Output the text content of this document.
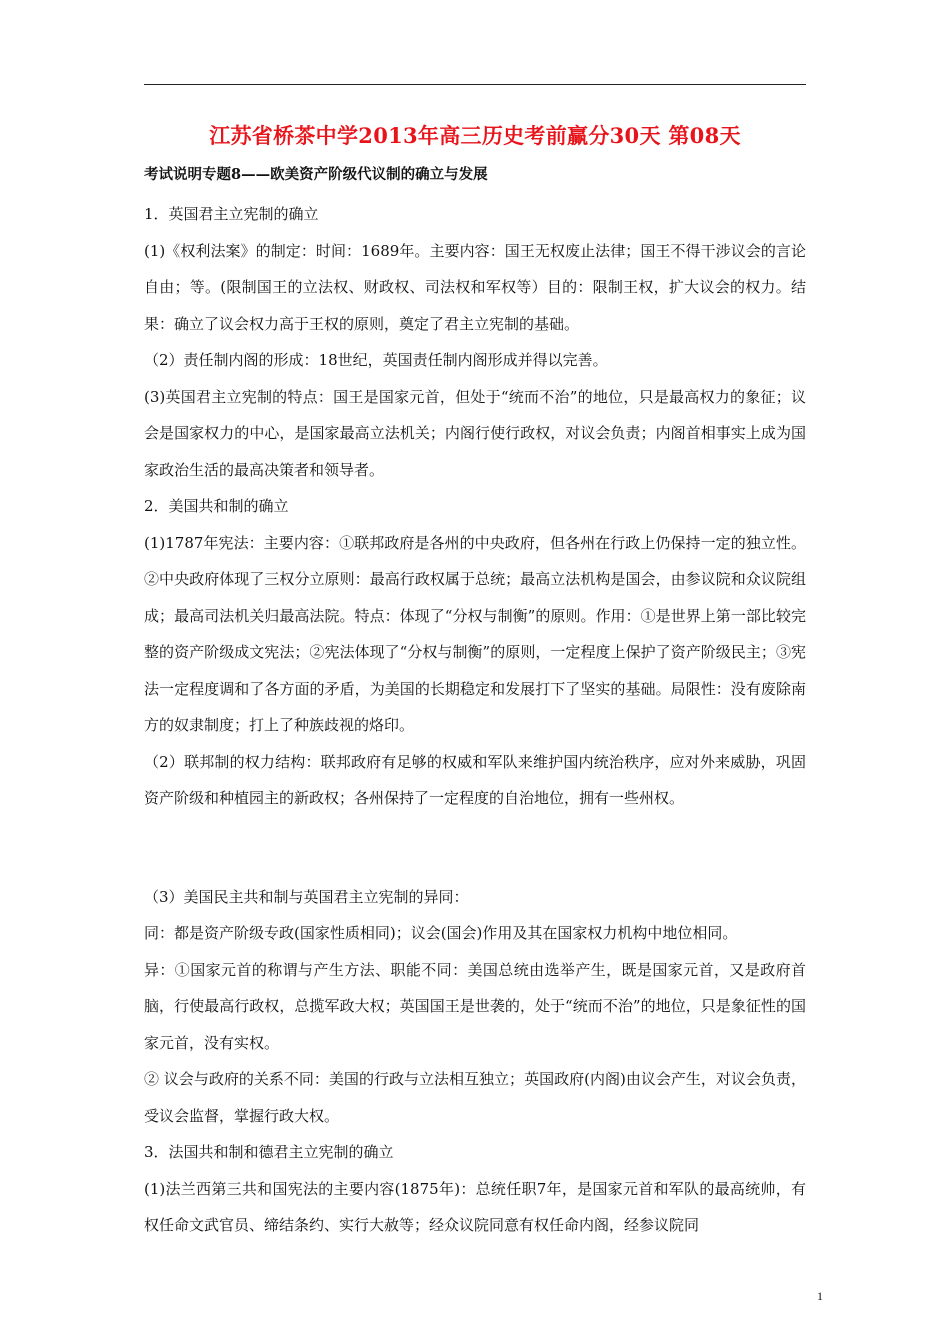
江苏省桥茶中学2013年高三历史考前赢分30天 第08天
考试说明专题8——欧美资产阶级代议制的确立与发展

1．英国君主立宪制的确立

(1)《权利法案》的制定：时间：1689年。主要内容：国王无权废止法律；国王不得干涉议会的言论自由；等。(限制国王的立法权、财政权、司法权和军权等）目的：限制王权，扩大议会的权力。结果：确立了议会权力高于王权的原则，奠定了君主立宪制的基础。

（2）责任制内阁的形成：18世纪，英国责任制内阁形成并得以完善。

(3)英国君主立宪制的特点：国王是国家元首，但处于“统而不治”的地位，只是最高权力的象征；议会是国家权力的中心，是国家最高立法机关；内阁行使行政权，对议会负责；内阁首相事实上成为国家政治生活的最高决策者和领导者。

2．美国共和制的确立

(1)1787年宪法：主要内容：①联邦政府是各州的中央政府，但各州在行政上仍保持一定的独立性。②中央政府体现了三权分立原则：最高行政权属于总统；最高立法机构是国会，由参议院和众议院组成；最高司法机关归最高法院。特点：体现了“分权与制衡”的原则。作用：①是世界上第一部比较完整的资产阶级成文宪法；②宪法体现了“分权与制衡”的原则，一定程度上保护了资产阶级民主；③宪法一定程度调和了各方面的矛盾，为美国的长期稳定和发展打下了坚实的基础。局限性：没有废除南方的奴隶制度；打上了种族歧视的烙印。

（2）联邦制的权力结构：联邦政府有足够的权威和军队来维护国内统治秩序，应对外来威胁，巩固资产阶级和种植园主的新政权；各州保持了一定程度的自治地位，拥有一些州权。

（3）美国民主共和制与英国君主立宪制的异同：

同：都是资产阶级专政(国家性质相同)；议会(国会)作用及其在国家权力机构中地位相同。

异：①国家元首的称谓与产生方法、职能不同：美国总统由选举产生，既是国家元首，又是政府首脑，行使最高行政权，总揽军政大权；英国国王是世袭的，处于“统而不治”的地位，只是象征性的国家元首，没有实权。

② 议会与政府的关系不同：美国的行政与立法相互独立；英国政府(内阁)由议会产生，对议会负责，受议会监督，掌握行政大权。

3．法国共和制和德君主立宪制的确立

(1)法兰西第三共和国宪法的主要内容(1875年)：总统任职7年，是国家元首和军队的最高统帅，有权任命文武官员、缔结条约、实行大赦等；经众议院同意有权任命内阁，经参议院同

1
